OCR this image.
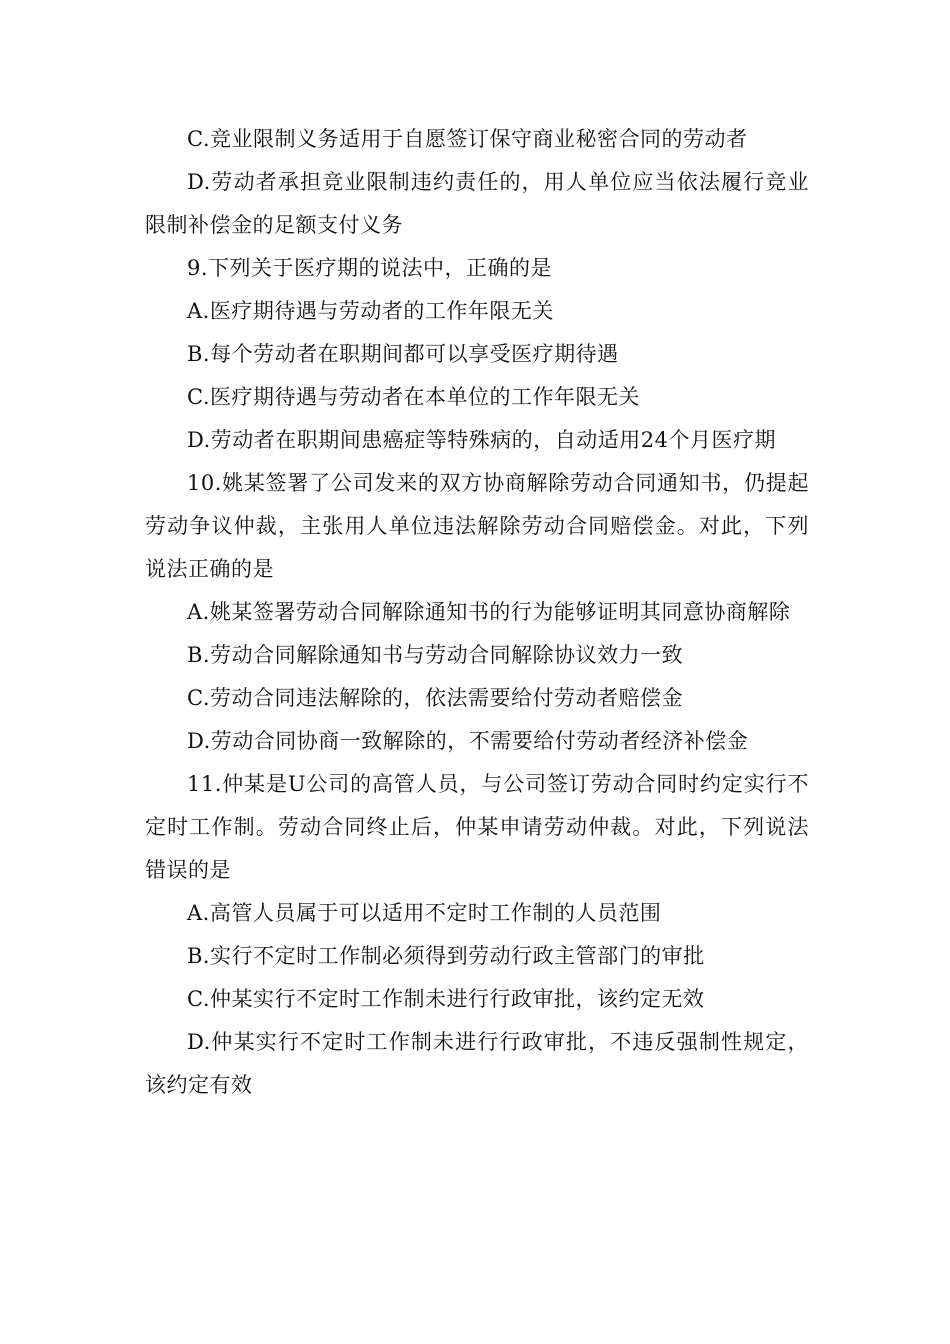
C.竞业限制义务适用于自愿签订保守商业秘密合同的劳动者

D.劳动者承担竞业限制违约责任的，用人单位应当依法履行竞业限制补偿金的足额支付义务

9.下列关于医疗期的说法中，正确的是

A.医疗期待遇与劳动者的工作年限无关

B.每个劳动者在职期间都可以享受医疗期待遇

C.医疗期待遇与劳动者在本单位的工作年限无关

D.劳动者在职期间患癌症等特殊病的，自动适用24个月医疗期

10.姚某签署了公司发来的双方协商解除劳动合同通知书，仍提起劳动争议仲裁，主张用人单位违法解除劳动合同赔偿金。对此，下列说法正确的是

A.姚某签署劳动合同解除通知书的行为能够证明其同意协商解除

B.劳动合同解除通知书与劳动合同解除协议效力一致

C.劳动合同违法解除的，依法需要给付劳动者赔偿金

D.劳动合同协商一致解除的，不需要给付劳动者经济补偿金

11.仲某是U公司的高管人员，与公司签订劳动合同时约定实行不定时工作制。劳动合同终止后，仲某申请劳动仲裁。对此，下列说法错误的是

A.高管人员属于可以适用不定时工作制的人员范围

B.实行不定时工作制必须得到劳动行政主管部门的审批

C.仲某实行不定时工作制未进行行政审批，该约定无效

D.仲某实行不定时工作制未进行行政审批，不违反强制性规定，该约定有效
